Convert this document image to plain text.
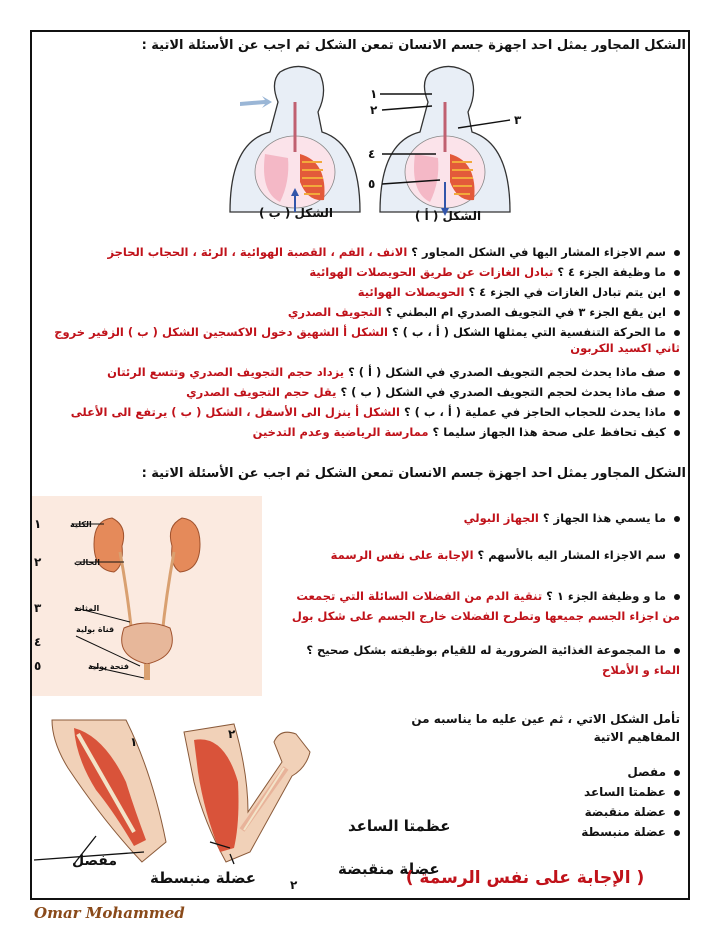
الشكل المجاور يمثل احد اجهزة جسم الانسان تمعن الشكل ثم اجب عن الأسئلة الاتية :
١
٢
٣
٤
٥
الشكل ( ب )	الشكل ( أ )
سم الاجزاء المشار اليها في الشكل المجاور ؟ الانف ، الفم ، القصبة الهوائية ، الرئة ، الحجاب الحاجز
ما وظيفة الجزء ٤ ؟ تبادل الغازات عن طريق الحويصلات الهوائية
اين يتم تبادل الغازات في الجزء ٤ ؟ الحويصلات الهوائية
اين يقع الجزء ٣ في التجويف الصدري ام البطني ؟ التجويف الصدري
ما الحركة التنفسية التي يمثلها الشكل ( أ ، ب ) ؟ الشكل أ الشهيق دخول الاكسجين الشكل ( ب ) الزفير خروج ثاني اكسيد الكربون
صف ماذا يحدث لحجم التجويف الصدري في الشكل ( أ ) ؟ يزداد حجم التجويف الصدري وتتسع الرئتان
صف ماذا يحدث لحجم التجويف الصدري في الشكل ( ب ) ؟ يقل حجم التجويف الصدري
ماذا يحدث للحجاب الحاجز في عملية ( أ ، ب ) ؟ الشكل أ ينزل الى الأسفل ، الشكل ( ب ) يرتفع الى الأعلى
كيف تحافظ على صحة هذا الجهاز سليما ؟ ممارسة الرياضية وعدم التدخين
الشكل المجاور يمثل احد اجهزة جسم الانسان تمعن الشكل ثم اجب عن الأسئلة الاتية :
الكلية
الحالب
المثانة
قناة بولية
فتحة بولية
١
٢
٣
٤
٥
ما يسمي هذا الجهاز ؟ الجهاز البولي
سم الاجزاء المشار اليه بالأسهم ؟ الإجابة على نفس الرسمة
ما و وظيفة الجزء ١ ؟ تنقية الدم من الفضلات السائلة التي تجمعت من اجزاء الجسم جميعها وتطرح الفضلات خارج الجسم على شكل بول
ما المجموعة الغذائية الضرورية له للقيام بوظيفته بشكل صحيح ؟ الماء و الأملاح
١
٢
عظمتا الساعد
مفصل
عضلة منبسطة	عضلة منقبضة
٢
تأمل الشكل الاتي ، ثم عين عليه ما يناسبه من المفاهيم الاتية
مفصل
عظمتا الساعد
عضلة منقبضة
عضلة منبسطة
( الإجابة على نفس الرسمة )
Omar Mohammed
